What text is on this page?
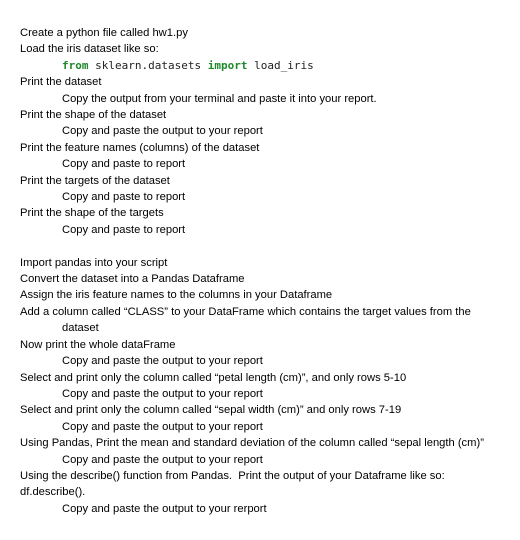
Create a python file called hw1.py

Load the iris dataset like so:

from sklearn.datasets import load_iris

Print the dataset

Copy the output from your terminal and paste it into your report.

Print the shape of the dataset

Copy and paste the output to your report

Print the feature names (columns) of the dataset

Copy and paste to report

Print the targets of the dataset

Copy and paste to report

Print the shape of the targets

Copy and paste to report

Import pandas into your script

Convert the dataset into a Pandas Dataframe

Assign the iris feature names to the columns in your Dataframe

Add a column called “CLASS” to your DataFrame which contains the target values from the dataset

Now print the whole dataFrame

Copy and paste the output to your report

Select and print only the column called “petal length (cm)”, and only rows 5-10

Copy and paste the output to your report

Select and print only the column called “sepal width (cm)” and only rows 7-19

Copy and paste the output to your report

Using Pandas, Print the mean and standard deviation of the column called “sepal length (cm)”

Copy and paste the output to your report

Using the describe() function from Pandas.  Print the output of your Dataframe like so:

df.describe().

Copy and paste the output to your rerport
